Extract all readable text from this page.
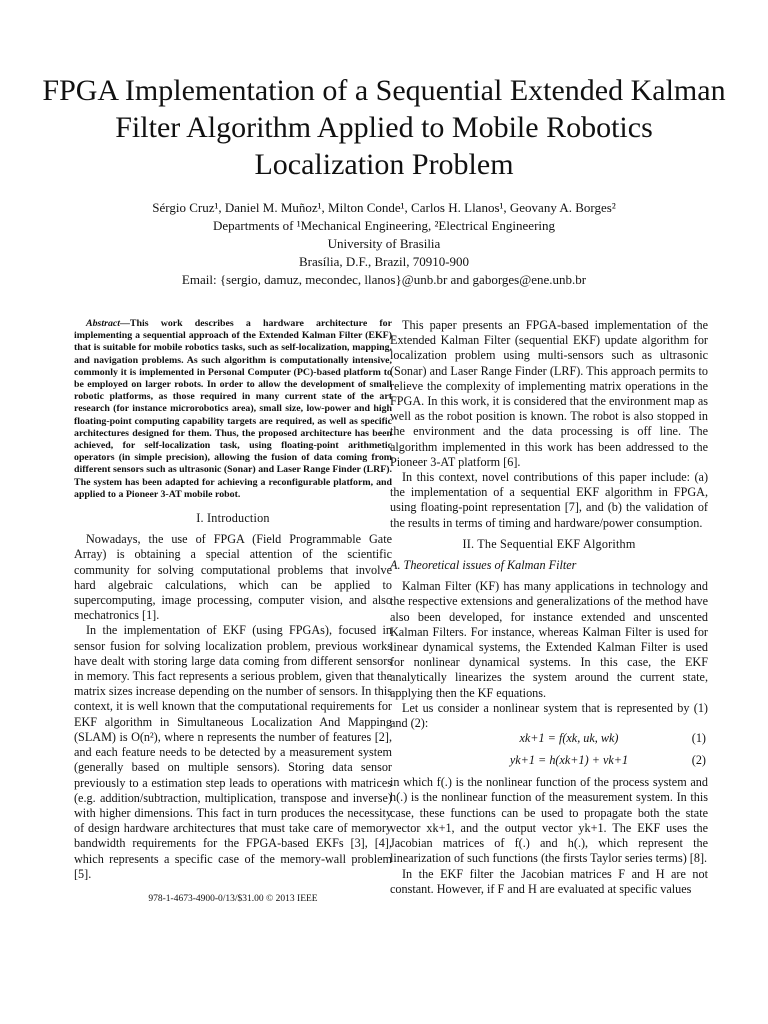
FPGA Implementation of a Sequential Extended Kalman Filter Algorithm Applied to Mobile Robotics Localization Problem
Sérgio Cruz¹, Daniel M. Muñoz¹, Milton Conde¹, Carlos H. Llanos¹, Geovany A. Borges²
Departments of ¹Mechanical Engineering, ²Electrical Engineering
University of Brasilia
Brasília, D.F., Brazil, 70910-900
Email: {sergio, damuz, mecondec, llanos}@unb.br and gaborges@ene.unb.br

Abstract—This work describes a hardware architecture for implementing a sequential approach of the Extended Kalman Filter (EKF) that is suitable for mobile robotics tasks, such as self-localization, mapping, and navigation problems. As such algorithm is computationally intensive, commonly it is implemented in Personal Computer (PC)-based platform to be employed on larger robots. In order to allow the development of small robotic platforms, as those required in many current state of the art research (for instance microrobotics area), small size, low-power and high floating-point computing capability targets are required, as well as specific architectures designed for them. Thus, the proposed architecture has been achieved, for self-localization task, using floating-point arithmetic operators (in simple precision), allowing the fusion of data coming from different sensors such as ultrasonic (Sonar) and Laser Range Finder (LRF). The system has been adapted for achieving a reconfigurable platform, and applied to a Pioneer 3-AT mobile robot.

I. Introduction

Nowadays, the use of FPGA (Field Programmable Gate Array) is obtaining a special attention of the scientific community for solving computational problems that involve hard algebraic calculations, which can be applied to supercomputing, image processing, computer vision, and also mechatronics [1].

In the implementation of EKF (using FPGAs), focused in sensor fusion for solving localization problem, previous works have dealt with storing large data coming from different sensors in memory. This fact represents a serious problem, given that the matrix sizes increase depending on the number of sensors. In this context, it is well known that the computational requirements for EKF algorithm in Simultaneous Localization And Mapping (SLAM) is O(n²), where n represents the number of features [2], and each feature needs to be detected by a measurement system (generally based on multiple sensors). Storing data sensor previously to a estimation step leads to operations with matrices (e.g. addition/subtraction, multiplication, transpose and inverse) with higher dimensions. This fact in turn produces the necessity of design hardware architectures that must take care of memory bandwidth requirements for the FPGA-based EKFs [3], [4], which represents a specific case of the memory-wall problem [5].

978-1-4673-4900-0/13/$31.00 © 2013 IEEE

This paper presents an FPGA-based implementation of the Extended Kalman Filter (sequential EKF) update algorithm for localization problem using multi-sensors such as ultrasonic (Sonar) and Laser Range Finder (LRF). This approach permits to relieve the complexity of implementing matrix operations in the FPGA. In this work, it is considered that the environment map as well as the robot position is known. The robot is also stopped in the environment and the data processing is off line. The algorithm implemented in this work has been addressed to the Pioneer 3-AT platform [6].

In this context, novel contributions of this paper include: (a) the implementation of a sequential EKF algorithm in FPGA, using floating-point representation [7], and (b) the validation of the results in terms of timing and hardware/power consumption.

II. The Sequential EKF Algorithm
A. Theoretical issues of Kalman Filter

Kalman Filter (KF) has many applications in technology and the respective extensions and generalizations of the method have also been developed, for instance extended and unscented Kalman Filters. For instance, whereas Kalman Filter is used for linear dynamical systems, the Extended Kalman Filter is used for nonlinear dynamical systems. In this case, the EKF analytically linearizes the system around the current state, applying then the KF equations.

Let us consider a nonlinear system that is represented by (1) and (2):

xk+1 = f(xk, uk, wk)	(1)
yk+1 = h(xk+1) + vk+1	(2)

in which f(.) is the nonlinear function of the process system and h(.) is the nonlinear function of the measurement system. In this case, these functions can be used to propagate both the state vector xk+1, and the output vector yk+1. The EKF uses the Jacobian matrices of f(.) and h(.), which represent the linearization of such functions (the firsts Taylor series terms) [8].

In the EKF filter the Jacobian matrices F and H are not constant. However, if F and H are evaluated at specific values
